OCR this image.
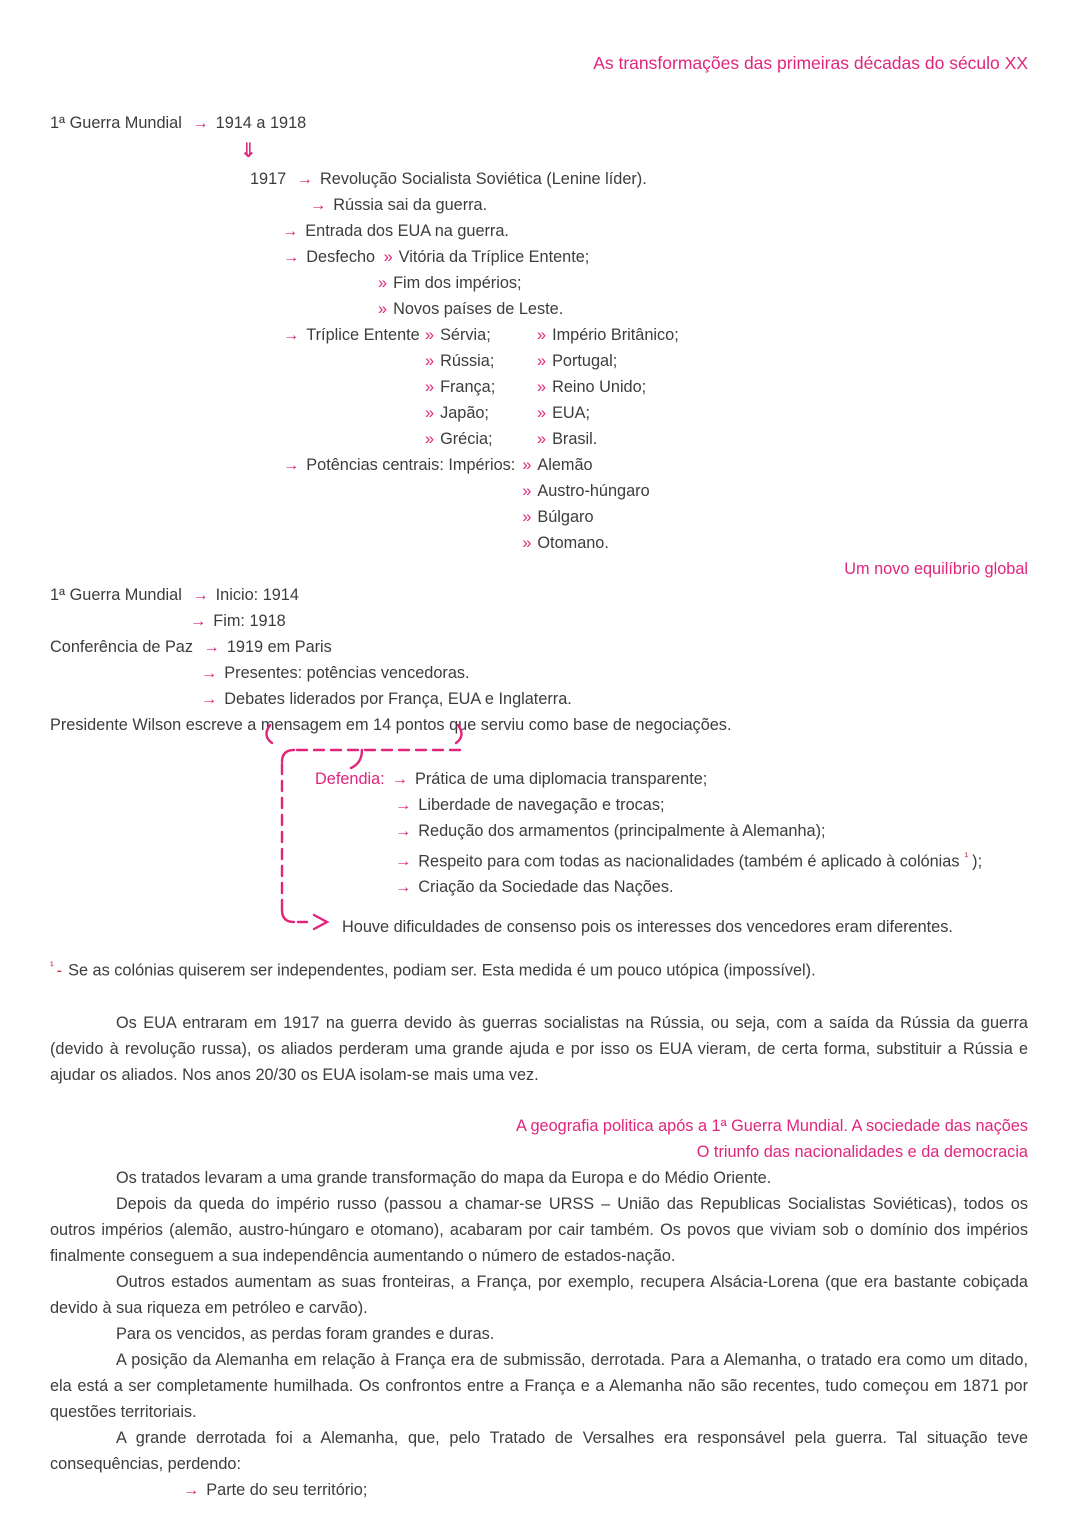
As transformações das primeiras décadas do século XX

1ª Guerra Mundial → 1914 a 1918
⇓
1917 → Revolução Socialista Soviética (Lenine líder).
→ Rússia sai da guerra.
→ Entrada dos EUA na guerra.
→ Desfecho » Vitória da Tríplice Entente;
» Fim dos impérios;
» Novos países de Leste.
→ Tríplice Entente » Sérvia;
» Rússia;
» França;
» Japão;
» Grécia;
» Império Britânico;
» Portugal;
» Reino Unido;
» EUA;
» Brasil.
→ Potências centrais: Impérios: » Alemão
» Austro-húngaro
» Búlgaro
» Otomano.

Um novo equilíbrio global

1ª Guerra Mundial → Inicio: 1914
→ Fim: 1918
Conferência de Paz → 1919 em Paris
→ Presentes: potências vencedoras.
→ Debates liderados por França, EUA e Inglaterra.
Presidente Wilson escreve a mensagem em 14 pontos que serviu como base de negociações.
Defendia: → Prática de uma diplomacia transparente;
→ Liberdade de navegação e trocas;
→ Redução dos armamentos (principalmente à Alemanha);
→ Respeito para com todas as nacionalidades (também é aplicado à colónias $^{^1}$ );
→ Criação da Sociedade das Nações.
Houve dificuldades de consenso pois os interesses dos vencedores eram diferentes.
$^{^1}$ - Se as colónias quiserem ser independentes, podiam ser. Esta medida é um pouco utópica (impossível).

Os EUA entraram em 1917 na guerra devido às guerras socialistas na Rússia, ou seja, com a saída da Rússia da guerra (devido à revolução russa), os aliados perderam uma grande ajuda e por isso os EUA vieram, de certa forma, substituir a Rússia e ajudar os aliados. Nos anos 20/30 os EUA isolam-se mais uma vez.

A geografia politica após a 1ª Guerra Mundial. A sociedade das nações

O triunfo das nacionalidades e da democracia

Os tratados levaram a uma grande transformação do mapa da Europa e do Médio Oriente.

Depois da queda do império russo (passou a chamar-se URSS – União das Republicas Socialistas Soviéticas), todos os outros impérios (alemão, austro-húngaro e otomano), acabaram por cair também. Os povos que viviam sob o domínio dos impérios finalmente conseguem a sua independência aumentando o número de estados-nação.

Outros estados aumentam as suas fronteiras, a França, por exemplo, recupera Alsácia-Lorena (que era bastante cobiçada devido à sua riqueza em petróleo e carvão).

Para os vencidos, as perdas foram grandes e duras.

A posição da Alemanha em relação à França era de submissão, derrotada. Para a Alemanha, o tratado era como um ditado, ela está a ser completamente humilhada. Os confrontos entre a França e a Alemanha não são recentes, tudo começou em 1871 por questões territoriais.

A grande derrotada foi a Alemanha, que, pelo Tratado de Versalhes era responsável pela guerra. Tal situação teve consequências, perdendo:

→ Parte do seu território;
